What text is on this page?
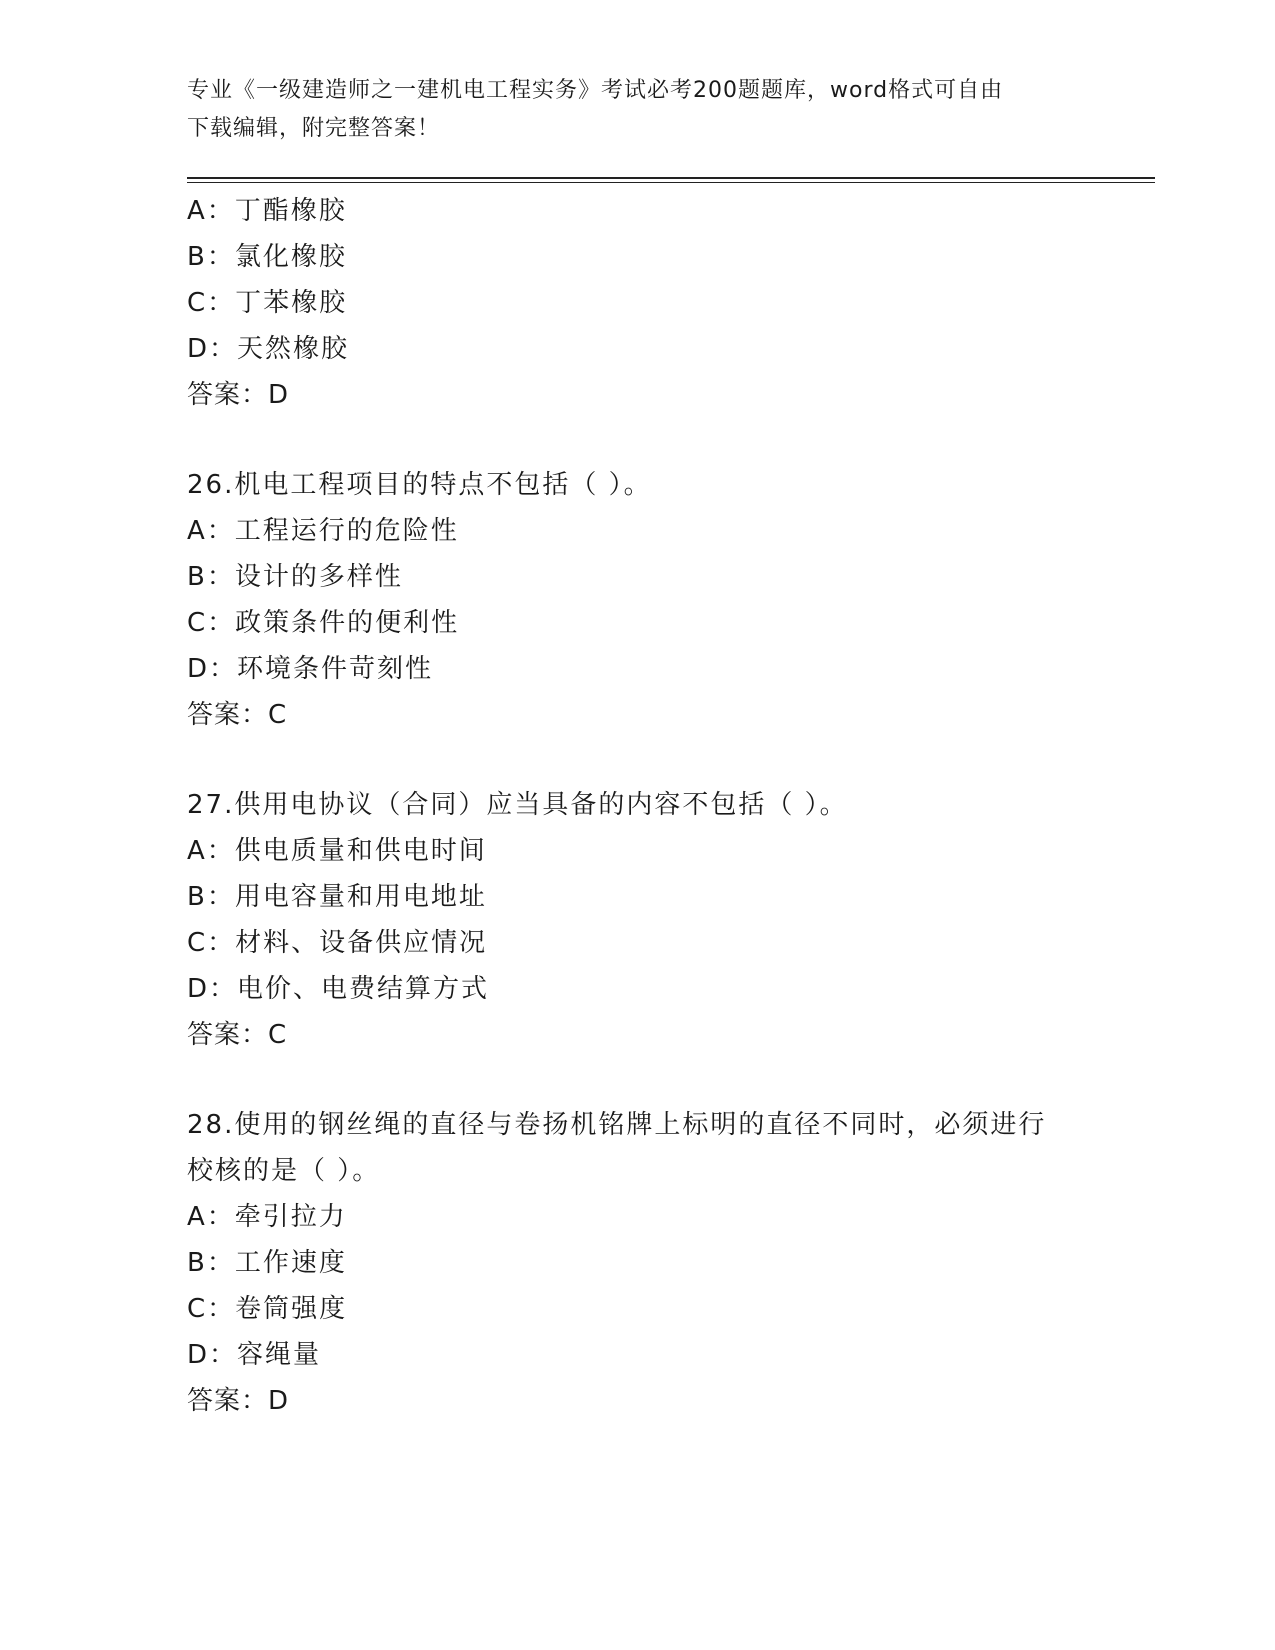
专业《一级建造师之一建机电工程实务》考试必考200题题库，word格式可自由
下载编辑，附完整答案！
A：丁酯橡胶
B：氯化橡胶
C：丁苯橡胶
D：天然橡胶
答案：D
26.机电工程项目的特点不包括（ ）。
A：工程运行的危险性
B：设计的多样性
C：政策条件的便利性
D：环境条件苛刻性
答案：C
27.供用电协议（合同）应当具备的内容不包括（ ）。
A：供电质量和供电时间
B：用电容量和用电地址
C：材料、设备供应情况
D：电价、电费结算方式
答案：C
28.使用的钢丝绳的直径与卷扬机铭牌上标明的直径不同时，必须进行
校核的是（ ）。
A：牵引拉力
B：工作速度
C：卷筒强度
D：容绳量
答案：D
